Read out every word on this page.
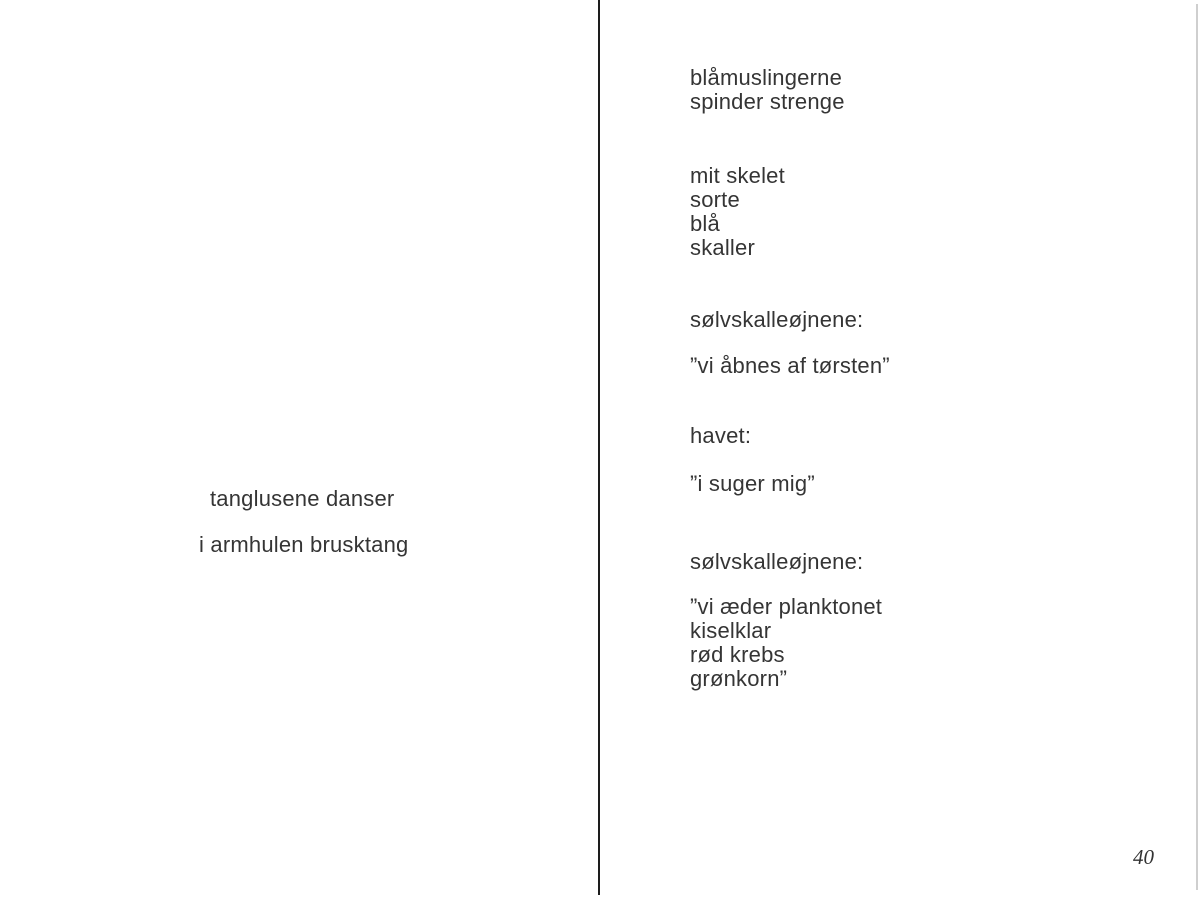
tanglusene danser
i armhulen brusktang
blåmuslingerne
spinder strenge
mit skelet
sorte
blå
skaller
sølvskalleøjnene:
”vi åbnes af tørsten”
havet:
”i suger mig”
sølvskalleøjnene:
”vi æder planktonet
kiselklar
rød krebs
grønkorn”
40
